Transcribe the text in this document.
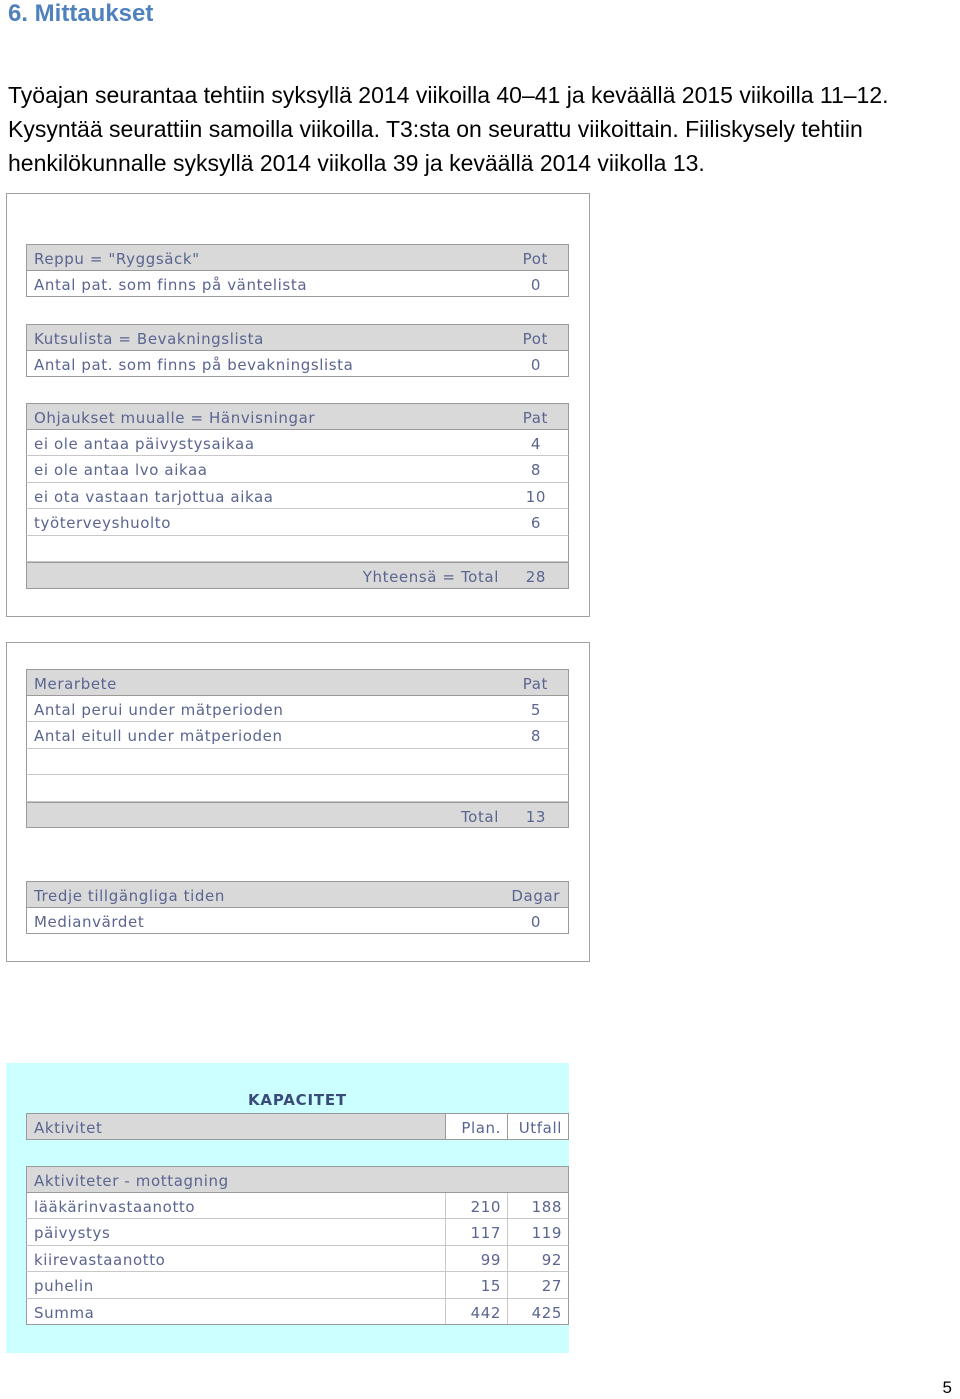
6. Mittaukset
Työajan seurantaa tehtiin syksyllä 2014 viikoilla 40–41 ja keväällä 2015 viikoilla 11–12.
Kysyntää seurattiin samoilla viikoilla. T3:sta on seurattu viikoittain. Fiiliskysely tehtiin
henkilökunnalle syksyllä 2014 viikolla 39 ja keväällä 2014 viikolla 13.
Reppu = "Ryggsäck"	Pot
Antal pat. som finns på väntelista	0
Kutsulista = Bevakningslista	Pot
Antal pat. som finns på bevakningslista	0
Ohjaukset muualle = Hänvisningar	Pat
ei ole antaa päivystysaikaa	4
ei ole antaa lvo aikaa	8
ei ota vastaan tarjottua aikaa	10
työterveyshuolto	6
Yhteensä = Total 28
Merarbete	Pat
Antal perui under mätperioden	5
Antal eitull under mätperioden	8
Total 13
Tredje tillgängliga tiden	Dagar
Medianvärdet	0
KAPACITET
Aktivitet	Plan. Utfall
Aktiviteter - mottagning
lääkärinvastaanotto	210 188
päivystys	117 119
kiirevastaanotto	99	92
puhelin	15	27
Summa	442 425
5
